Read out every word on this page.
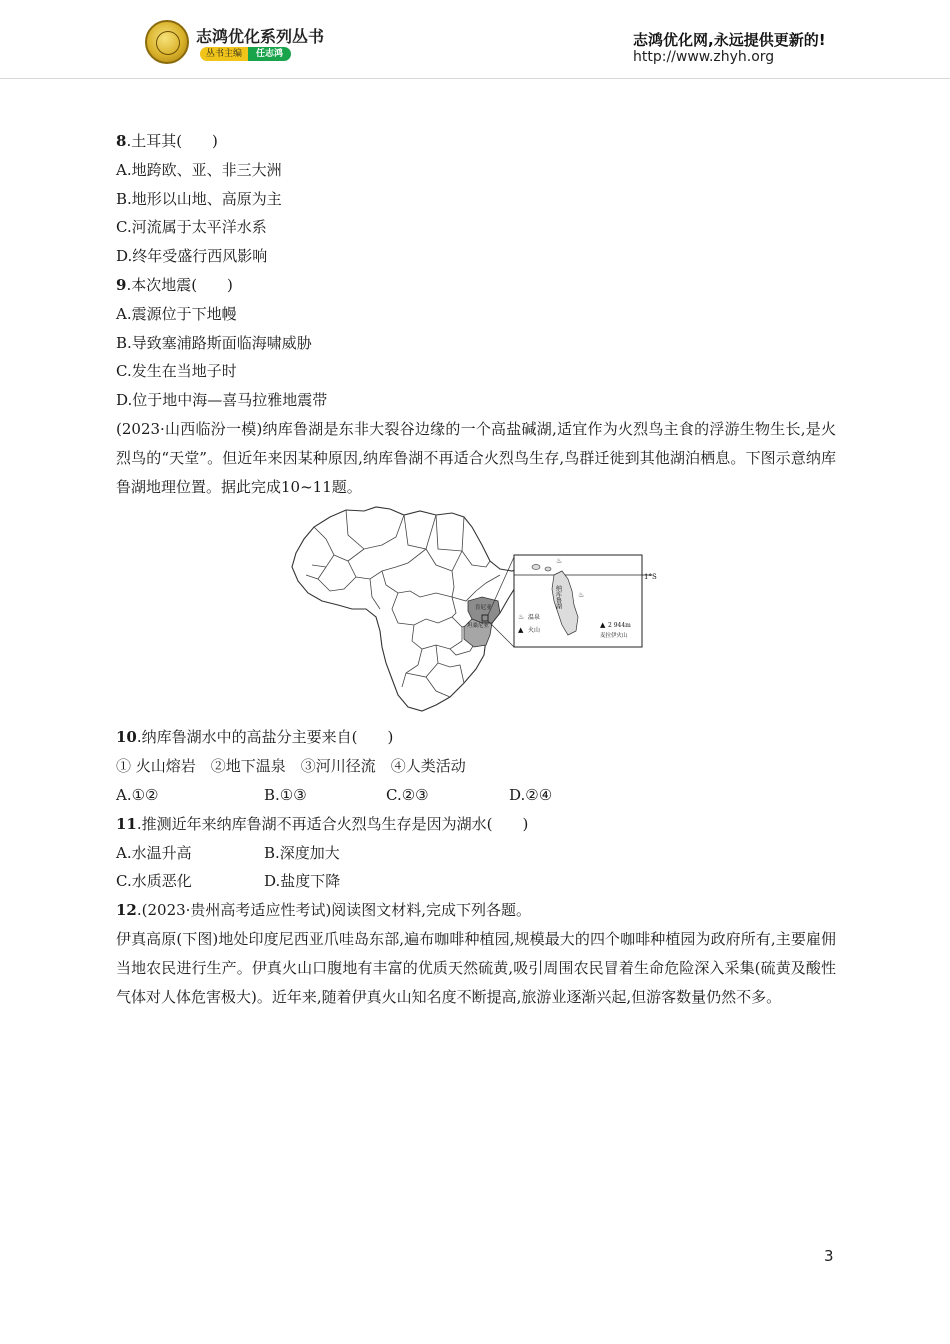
志鸿优化系列丛书
丛书主编	任志鸿
志鸿优化网,永远提供更新的!
http://www.zhyh.org
8.土耳其(　　)
A.地跨欧、亚、非三大洲
B.地形以山地、高原为主
C.河流属于太平洋水系
D.终年受盛行西风影响
9.本次地震(　　)
A.震源位于下地幔
B.导致塞浦路斯面临海啸威胁
C.发生在当地子时
D.位于地中海—喜马拉雅地震带
(2023·山西临汾一模)纳库鲁湖是东非大裂谷边缘的一个高盐碱湖,适宜作为火烈鸟主食的浮游生物生长,是火烈鸟的“天堂”。但近年来因某种原因,纳库鲁湖不再适合火烈鸟生存,鸟群迁徙到其他湖泊栖息。下图示意纳库鲁湖地理位置。据此完成10~11题。
肯尼亚
坦桑尼亚
1°S
纳库鲁湖
♨
♨
♨ 温泉
▲ 火山
▲ 2 944m
麦拉伊火山
10.纳库鲁湖水中的高盐分主要来自(　　)
① 火山熔岩　②地下温泉　③河川径流　④人类活动
A.①②	B.①③	C.②③	D.②④
11.推测近年来纳库鲁湖不再适合火烈鸟生存是因为湖水(　　)
A.水温升高	B.深度加大
C.水质恶化	D.盐度下降
12.(2023·贵州高考适应性考试)阅读图文材料,完成下列各题。
伊真高原(下图)地处印度尼西亚爪哇岛东部,遍布咖啡种植园,规模最大的四个咖啡种植园为政府所有,主要雇佣当地农民进行生产。伊真火山口腹地有丰富的优质天然硫黄,吸引周围农民冒着生命危险深入采集(硫黄及酸性气体对人体危害极大)。近年来,随着伊真火山知名度不断提高,旅游业逐渐兴起,但游客数量仍然不多。
3
